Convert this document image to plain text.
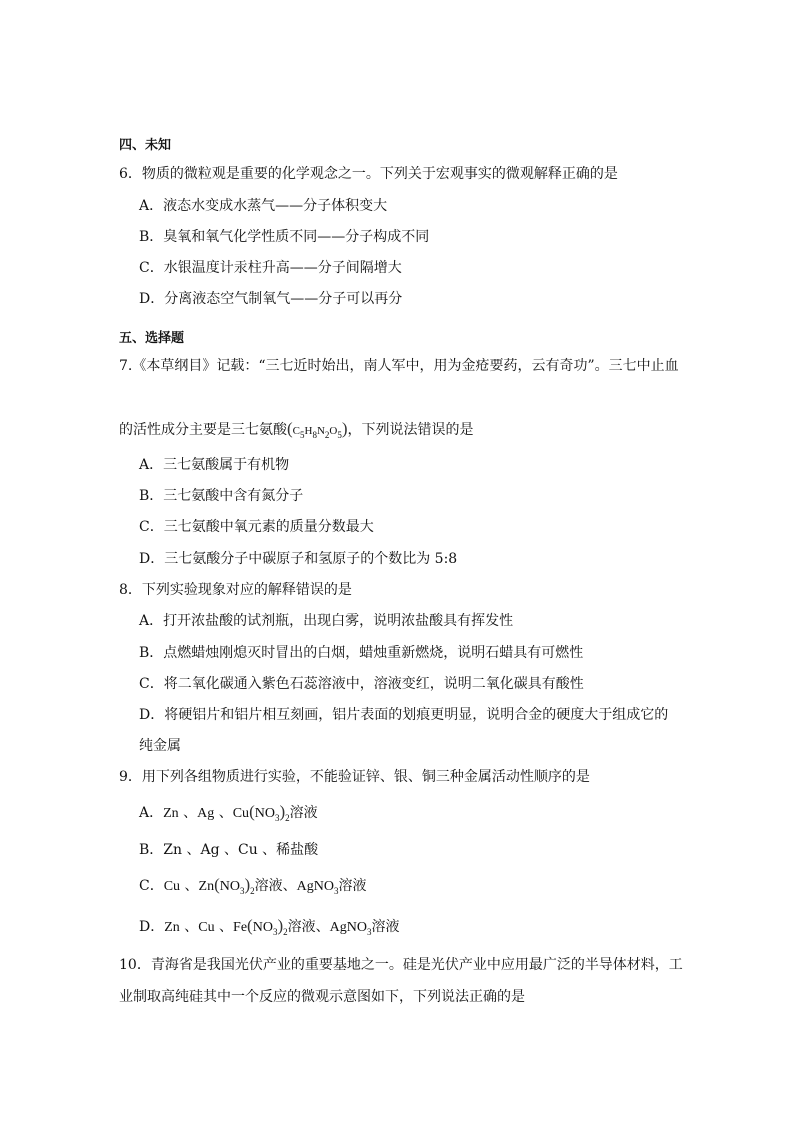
四、未知
6．物质的微粒观是重要的化学观念之一。下列关于宏观事实的微观解释正确的是
A．液态水变成水蒸气——分子体积变大
B．臭氧和氧气化学性质不同——分子构成不同
C．水银温度计汞柱升高——分子间隔增大
D．分离液态空气制氧气——分子可以再分
五、选择题
7.《本草纲目》记载：“三七近时始出，南人军中，用为金疮要药，云有奇功”。三七中止血
的活性成分主要是三七氨酸$(C_5H_8N_2O_5)$，下列说法错误的是
A．三七氨酸属于有机物
B．三七氨酸中含有氮分子
C．三七氨酸中氧元素的质量分数最大
D．三七氨酸分子中碳原子和氢原子的个数比为 5:8
8．下列实验现象对应的解释错误的是
A．打开浓盐酸的试剂瓶，出现白雾，说明浓盐酸具有挥发性
B．点燃蜡烛刚熄灭时冒出的白烟，蜡烛重新燃烧，说明石蜡具有可燃性
C．将二氧化碳通入紫色石蕊溶液中，溶液变红，说明二氧化碳具有酸性
D．将硬铝片和铝片相互刻画，铝片表面的划痕更明显，说明合金的硬度大于组成它的
纯金属
9．用下列各组物质进行实验，不能验证锌、银、铜三种金属活动性顺序的是
A．Zn 、Ag 、$Cu(NO_3)_2$溶液
B．Zn 、Ag 、Cu 、稀盐酸
C．Cu 、$Zn(NO_3)_2$溶液、AgNO$_3$溶液
D．Zn 、Cu 、$Fe(NO_3)_2$溶液、AgNO$_3$溶液
10．青海省是我国光伏产业的重要基地之一。硅是光伏产业中应用最广泛的半导体材料，工
业制取高纯硅其中一个反应的微观示意图如下，下列说法正确的是
